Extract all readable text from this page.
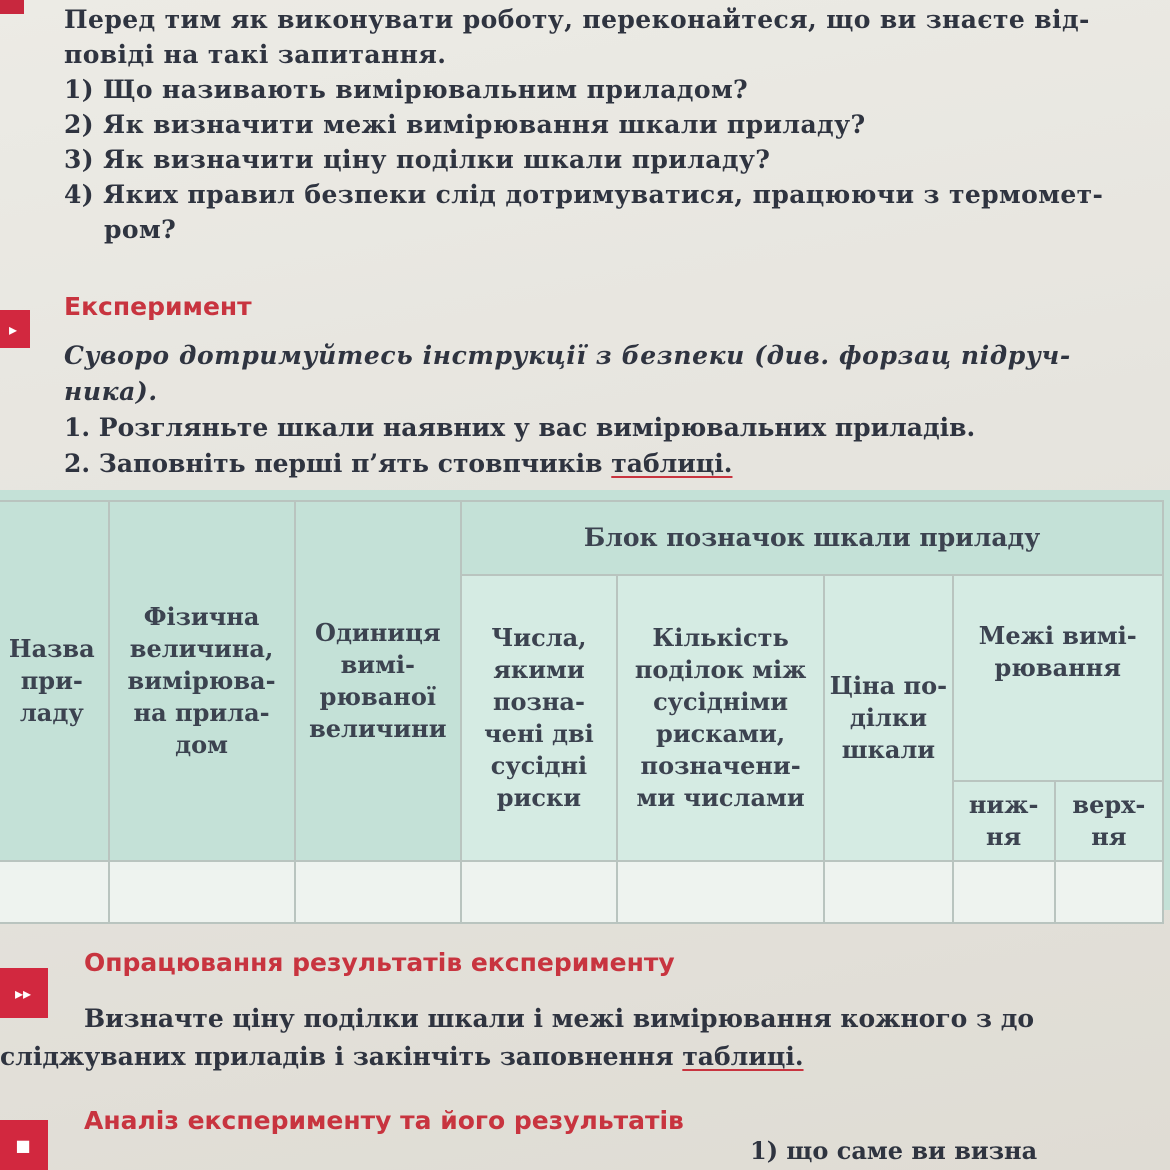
Перед тим як виконувати роботу, переконайтеся, що ви знаєте від-

повіді на такі запитання.

1) Що називають вимірювальним приладом?
2) Як визначити межі вимірювання шкали приладу?
3) Як визначити ціну поділки шкали приладу?
4) Яких правил безпеки слід дотримуватися, працюючи з термомет-
ром?
▸
Експеримент

Суворо дотримуйтесь інструкції з безпеки (див. форзац підруч-

ника).

1. Розгляньте шкали наявних у вас вимірювальних приладів.
2. Заповніть перші п’ять стовпчиків таблиці.
Назва при- ладу	Фізична величина, вимірюва- на прила- дом	Одиниця вимі- рюваної величини	Блок позначок шкали приладу				
			Числа, якими позна- чені дві сусідні риски	Кількість поділок між сусідніми рисками, позначени- ми числами	Ціна по- ділки шкали	Межі вимі- рювання	
						ниж- ня	верх- ня

▸▸
Опрацювання результатів експерименту
Визначте ціну поділки шкали і межі вимірювання кожного з до
сліджуваних приладів і закінчіть заповнення таблиці.
■
Аналіз експерименту та його результатів
1) що саме ви визна
